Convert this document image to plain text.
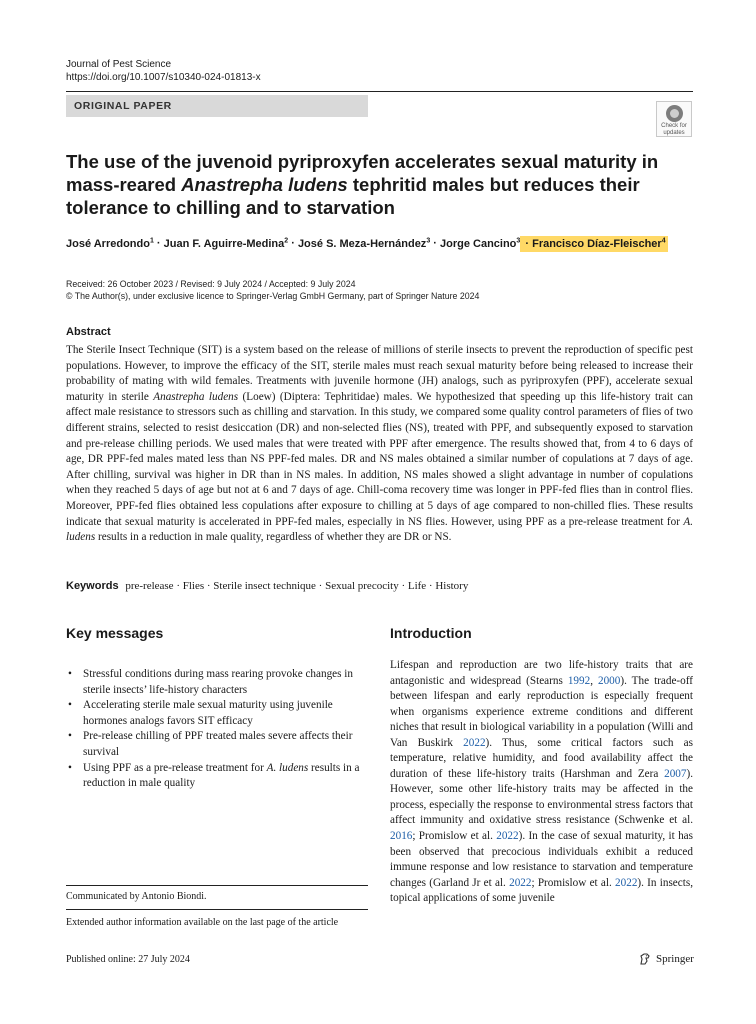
Journal of Pest Science
https://doi.org/10.1007/s10340-024-01813-x
ORIGINAL PAPER
Check for
updates
The use of the juvenoid pyriproxyfen accelerates sexual maturity in mass-reared Anastrepha ludens tephritid males but reduces their tolerance to chilling and to starvation
José Arredondo$^1$ · Juan F. Aguirre-Medina$^2$ · José S. Meza-Hernández$^3$ · Jorge Cancino$^3$ · Francisco Díaz-Fleischer$^4$
Received: 26 October 2023 / Revised: 9 July 2024 / Accepted: 9 July 2024
© The Author(s), under exclusive licence to Springer-Verlag GmbH Germany, part of Springer Nature 2024
Abstract

The Sterile Insect Technique (SIT) is a system based on the release of millions of sterile insects to prevent the reproduction of specific pest populations. However, to improve the efficacy of the SIT, sterile males must reach sexual maturity before being released to increase their probability of mating with wild females. Treatments with juvenile hormone (JH) analogs, such as pyriproxyfen (PPF), accelerate sexual maturity in sterile Anastrepha ludens (Loew) (Diptera: Tephritidae) males. We hypothesized that speeding up this life-history trait can affect male resistance to stressors such as chilling and starvation. In this study, we compared some quality control parameters of flies of two different strains, selected to resist desiccation (DR) and non-selected flies (NS), treated with PPF, and subsequently exposed to starvation and pre-release chilling periods. We used males that were treated with PPF after emergence. The results showed that, from 4 to 6 days of age, DR PPF-fed males mated less than NS PPF-fed males. DR and NS males obtained a similar number of copulations at 7 days of age. After chilling, survival was higher in DR than in NS males. In addition, NS males showed a slight advantage in number of copulations when they reached 5 days of age but not at 6 and 7 days of age. Chill-coma recovery time was longer in PPF-fed flies than in control flies. Moreover, PPF-fed flies obtained less copulations after exposure to chilling at 5 days of age compared to non-chilled flies. These results indicate that sexual maturity is accelerated in PPF-fed males, especially in NS flies. However, using PPF as a pre-release treatment for A. ludens results in a reduction in male quality, regardless of whether they are DR or NS.

Keywords pre-release · Flies · Sterile insect technique · Sexual precocity · Life · History
Key messages
• Stressful conditions during mass rearing provoke changes in sterile insects’ life-history characters
• Accelerating sterile male sexual maturity using juvenile hormones analogs favors SIT efficacy
• Pre-release chilling of PPF treated males severe affects their survival
• Using PPF as a pre-release treatment for A. ludens results in a reduction in male quality
Communicated by Antonio Biondi.
Extended author information available on the last page of the article
Introduction

Lifespan and reproduction are two life-history traits that are antagonistic and widespread (Stearns 1992, 2000). The trade-off between lifespan and early reproduction is especially frequent when organisms experience extreme conditions and different niches that result in biological variability in a population (Willi and Van Buskirk 2022). Thus, some critical factors such as temperature, relative humidity, and food availability affect the duration of these life-history traits (Harshman and Zera 2007). However, some other life-history traits may be affected in the process, especially the response to environmental stress factors that affect immunity and oxidative stress resistance (Schwenke et al. 2016; Promislow et al. 2022). In the case of sexual maturity, it has been observed that precocious individuals exhibit a reduced immune response and low resistance to starvation and temperature changes (Garland Jr et al. 2022; Promislow et al. 2022). In insects, topical applications of some juvenile

Published online: 27 July 2024	Springer
